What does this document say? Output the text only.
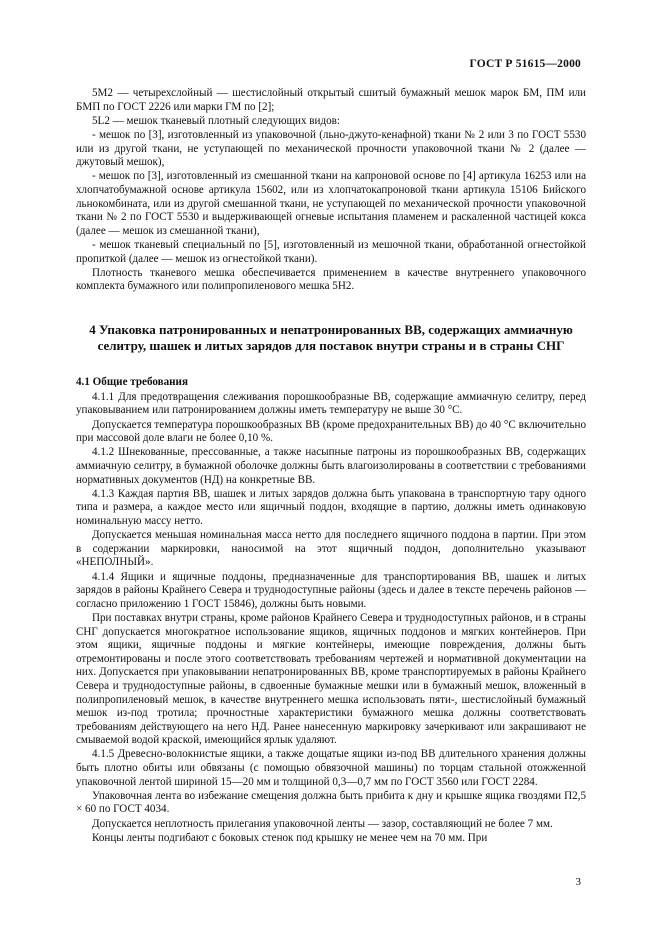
ГОСТ Р 51615—2000

5М2 — четырехслойный — шестислойный открытый сшитый бумажный мешок марок БМ, ПМ или БМП по ГОСТ 2226 или марки ГМ по [2];

5L2 — мешок тканевый плотный следующих видов:

- мешок по [3], изготовленный из упаковочной (льно-джуто-кенафной) ткани № 2 или 3 по ГОСТ 5530 или из другой ткани, не уступающей по механической прочности упаковочной ткани № 2 (далее — джутовый мешок),

- мешок по [3], изготовленный из смешанной ткани на капроновой основе по [4] артикула 16253 или на хлопчатобумажной основе артикула 15602, или из хлопчатокапроновой ткани артикула 15106 Бийского льнокомбината, или из другой смешанной ткани, не уступающей по механической прочности упаковочной ткани № 2 по ГОСТ 5530 и выдерживающей огневые испытания пламенем и раскаленной частицей кокса (далее — мешок из смешанной ткани),

- мешок тканевый специальный по [5], изготовленный из мешочной ткани, обработанной огнестойкой пропиткой (далее — мешок из огнестойкой ткани).

Плотность тканевого мешка обеспечивается применением в качестве внутреннего упаковочного комплекта бумажного или полипропиленового мешка 5Н2.

4 Упаковка патронированных и непатронированных ВВ, содержащих аммиачную селитру, шашек и литых зарядов для поставок внутри страны и в страны СНГ
4.1 Общие требования

4.1.1 Для предотвращения слеживания порошкообразные ВВ, содержащие аммиачную селитру, перед упаковыванием или патронированием должны иметь температуру не выше 30 °С.

Допускается температура порошкообразных ВВ (кроме предохранительных ВВ) до 40 °С включительно при массовой доле влаги не более 0,10 %.

4.1.2 Шнекованные, прессованные, а также насыпные патроны из порошкообразных ВВ, содержащих аммиачную селитру, в бумажной оболочке должны быть влагоизолированы в соответствии с требованиями нормативных документов (НД) на конкретные ВВ.

4.1.3 Каждая партия ВВ, шашек и литых зарядов должна быть упакована в транспортную тару одного типа и размера, а каждое место или ящичный поддон, входящие в партию, должны иметь одинаковую номинальную массу нетто.

Допускается меньшая номинальная масса нетто для последнего ящичного поддона в партии. При этом в содержании маркировки, наносимой на этот ящичный поддон, дополнительно указывают «НЕПОЛНЫЙ».

4.1.4 Ящики и ящичные поддоны, предназначенные для транспортирования ВВ, шашек и литых зарядов в районы Крайнего Севера и труднодоступные районы (здесь и далее в тексте перечень районов — согласно приложению 1 ГОСТ 15846), должны быть новыми.

При поставках внутри страны, кроме районов Крайнего Севера и труднодоступных районов, и в страны СНГ допускается многократное использование ящиков, ящичных поддонов и мягких контейнеров. При этом ящики, ящичные поддоны и мягкие контейнеры, имеющие повреждения, должны быть отремонтированы и после этого соответствовать требованиям чертежей и нормативной документации на них. Допускается при упаковывании непатронированных ВВ, кроме транспортируемых в районы Крайнего Севера и труднодоступные районы, в сдвоенные бумажные мешки или в бумажный мешок, вложенный в полипропиленовый мешок, в качестве внутреннего мешка использовать пяти-, шестислойный бумажный мешок из-под тротила; прочностные характеристики бумажного мешка должны соответствовать требованиям действующего на него НД. Ранее нанесенную маркировку зачеркивают или закрашивают не смываемой водой краской, имеющийся ярлык удаляют.

4.1.5 Древесно-волокнистые ящики, а также дощатые ящики из-под ВВ длительного хранения должны быть плотно обиты или обвязаны (с помощью обвязочной машины) по торцам стальной отожженной упаковочной лентой шириной 15—20 мм и толщиной 0,3—0,7 мм по ГОСТ 3560 или ГОСТ 2284.

Упаковочная лента во избежание смещения должна быть прибита к дну и крышке ящика гвоздями П2,5 × 60 по ГОСТ 4034.

Допускается неплотность прилегания упаковочной ленты — зазор, составляющий не более 7 мм.

Концы ленты подгибают с боковых стенок под крышку не менее чем на 70 мм. При

3
